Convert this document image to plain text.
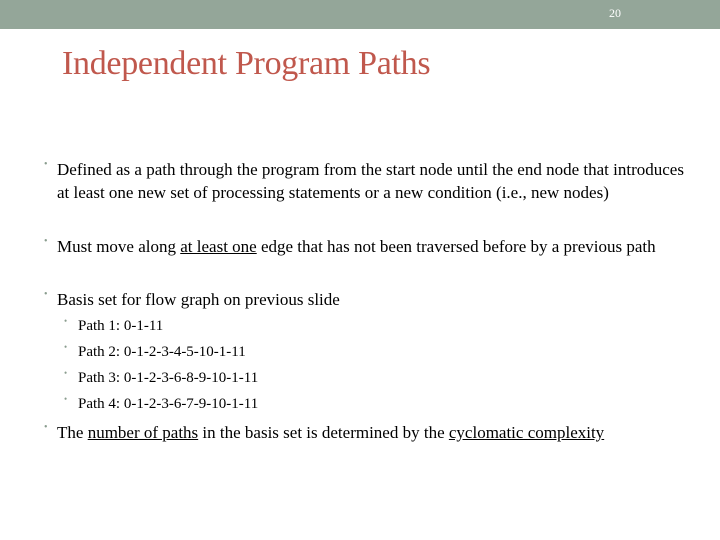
20
Independent Program Paths
• Defined as a path through the program from the start node until the end node that introduces at least one new set of processing statements or a new condition (i.e., new nodes)
• Must move along at least one edge that has not been traversed before by a previous path
• Basis set for flow graph on previous slide
• Path 1: 0-1-11
• Path 2: 0-1-2-3-4-5-10-1-11
• Path 3: 0-1-2-3-6-8-9-10-1-11
• Path 4: 0-1-2-3-6-7-9-10-1-11
• The number of paths in the basis set is determined by the cyclomatic complexity
